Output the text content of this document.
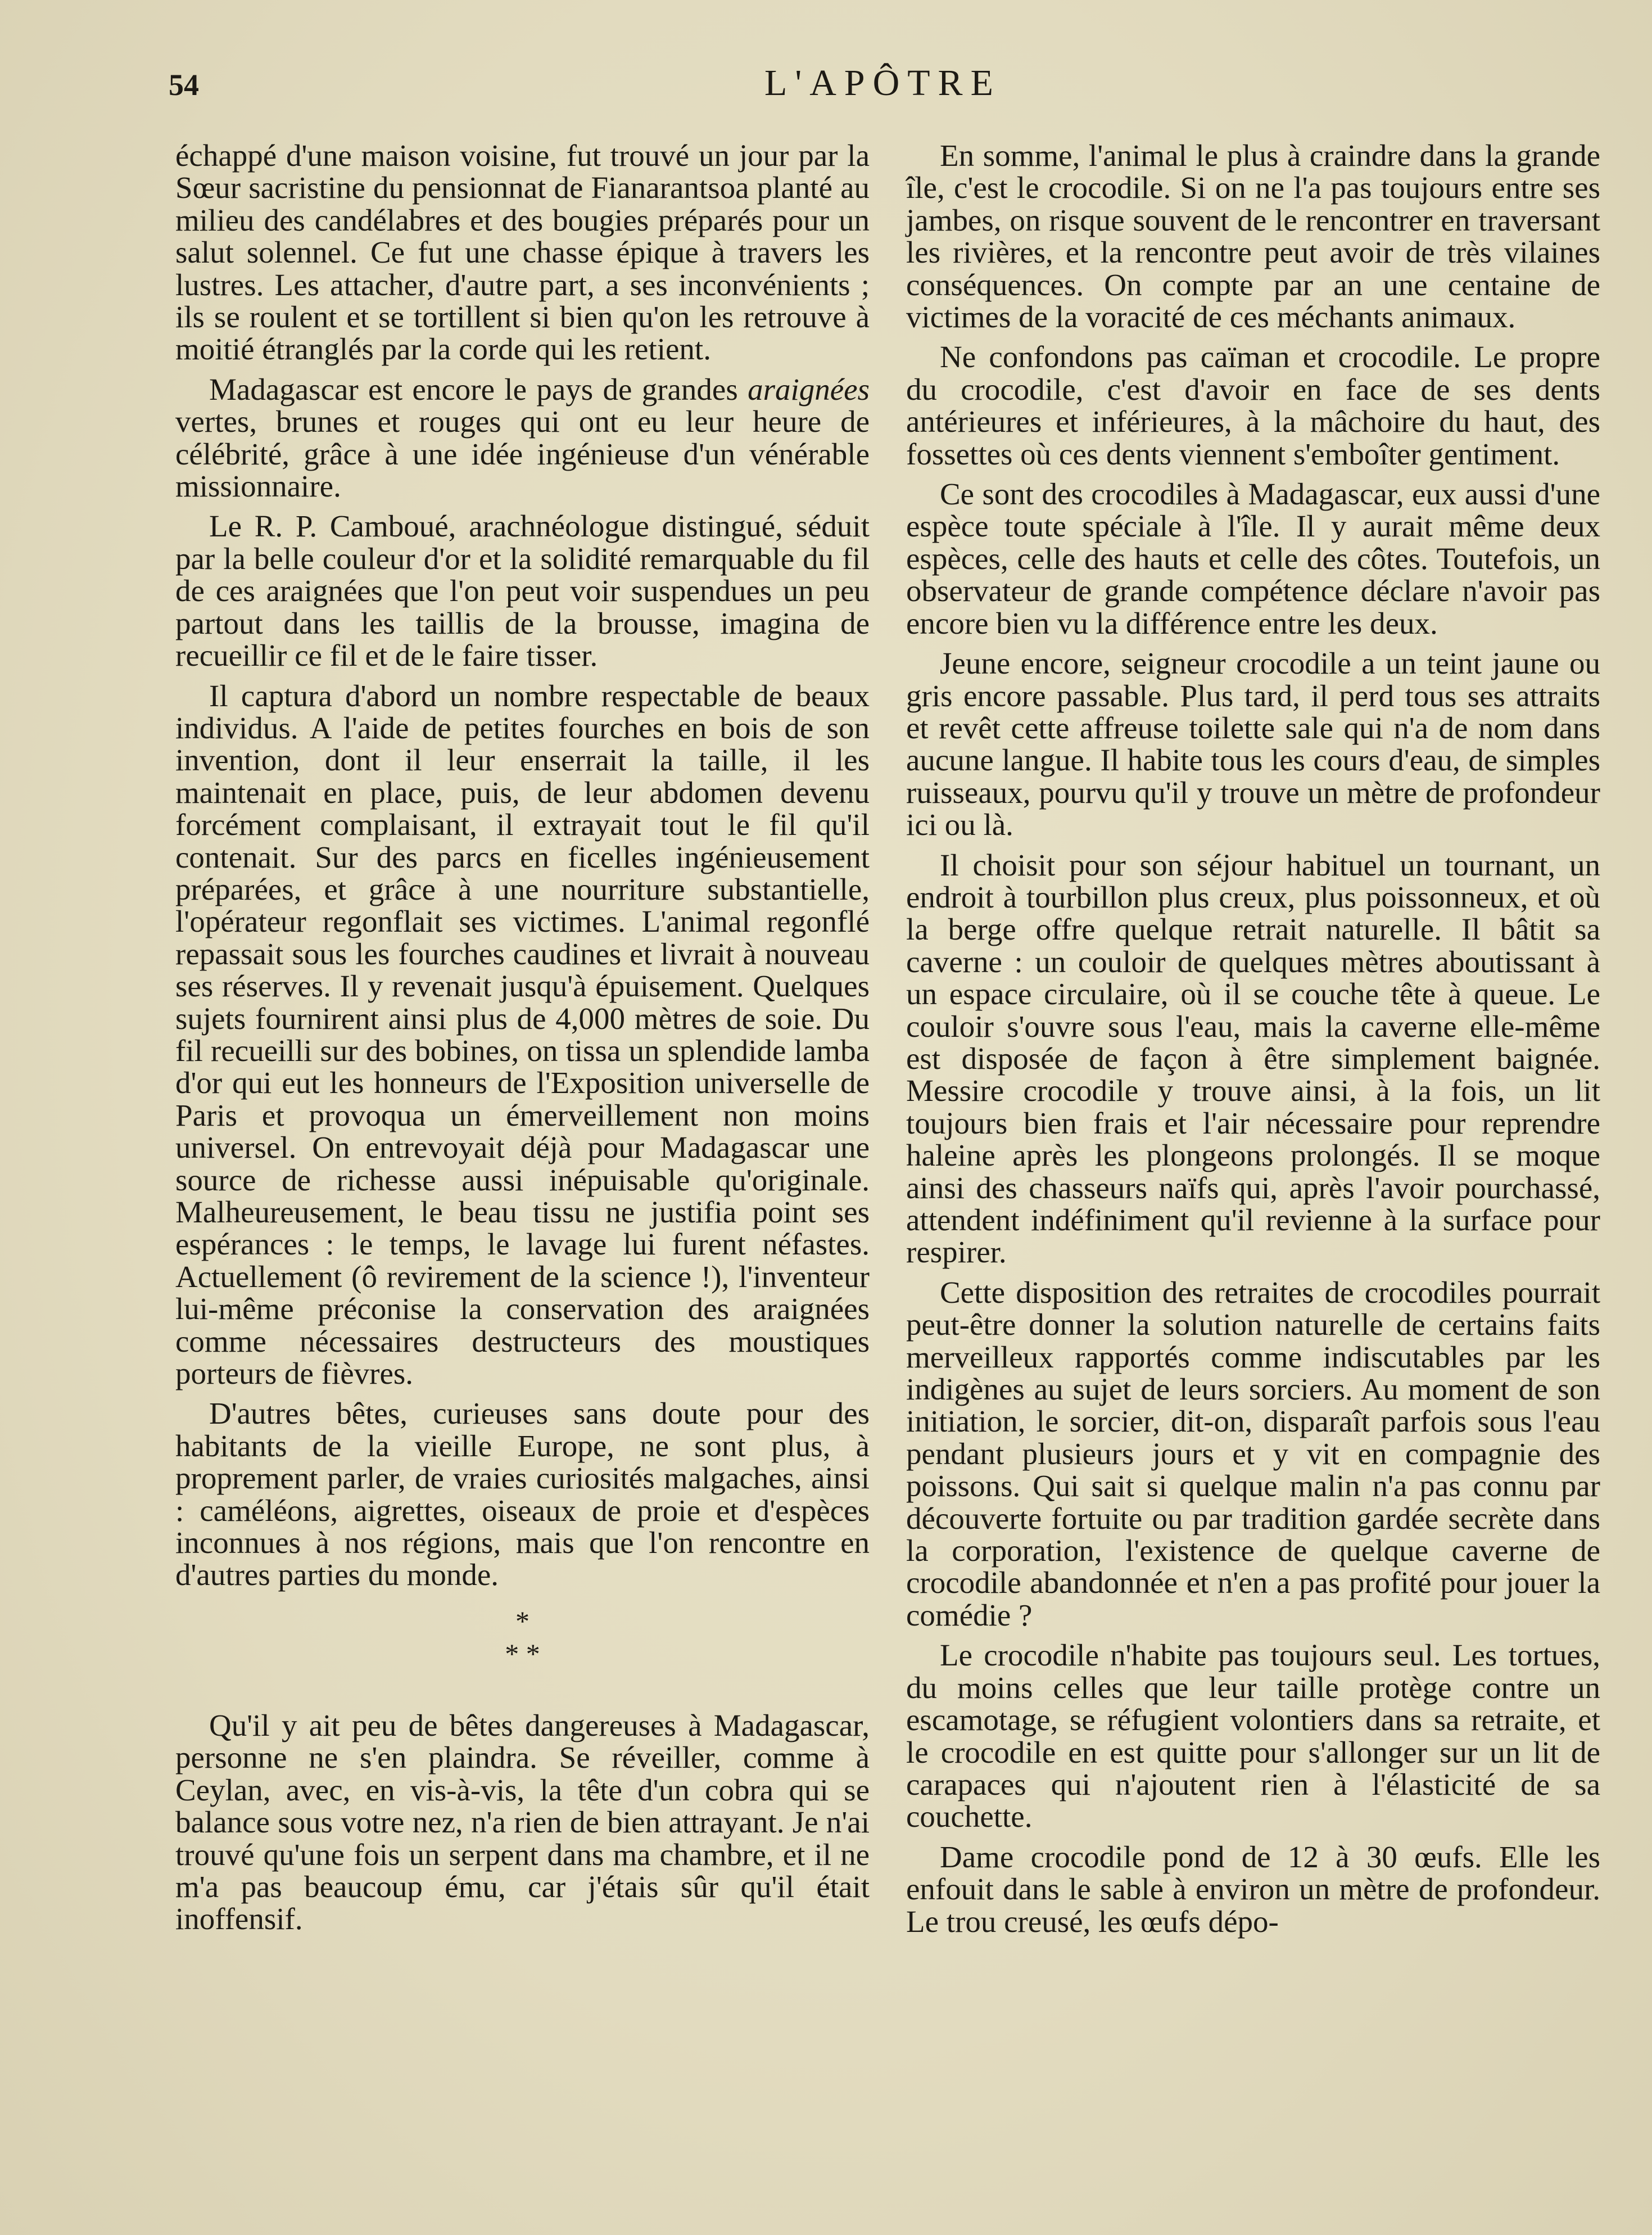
54	L'APÔTRE

échappé d'une maison voisine, fut trouvé un jour par la Sœur sacristine du pensionnat de Fianarantsoa planté au milieu des candélabres et des bougies préparés pour un salut solennel. Ce fut une chasse épique à travers les lustres. Les attacher, d'autre part, a ses inconvénients ; ils se roulent et se tortillent si bien qu'on les retrouve à moitié étranglés par la corde qui les retient.

Madagascar est encore le pays de grandes araignées vertes, brunes et rouges qui ont eu leur heure de célébrité, grâce à une idée ingénieuse d'un vénérable missionnaire.

Le R. P. Camboué, arachnéologue distingué, séduit par la belle couleur d'or et la solidité remarquable du fil de ces araignées que l'on peut voir suspendues un peu partout dans les taillis de la brousse, imagina de recueillir ce fil et de le faire tisser.

Il captura d'abord un nombre respectable de beaux individus. A l'aide de petites fourches en bois de son invention, dont il leur enserrait la taille, il les maintenait en place, puis, de leur abdomen devenu forcément complaisant, il extrayait tout le fil qu'il contenait. Sur des parcs en ficelles ingénieusement préparées, et grâce à une nourriture substantielle, l'opérateur regonflait ses victimes. L'animal regonflé repassait sous les fourches caudines et livrait à nouveau ses réserves. Il y revenait jusqu'à épuisement. Quelques sujets fournirent ainsi plus de 4,000 mètres de soie. Du fil recueilli sur des bobines, on tissa un splendide lamba d'or qui eut les honneurs de l'Exposition universelle de Paris et provoqua un émerveillement non moins universel. On entrevoyait déjà pour Madagascar une source de richesse aussi inépuisable qu'originale. Malheureusement, le beau tissu ne justifia point ses espérances : le temps, le lavage lui furent néfastes. Actuellement (ô revirement de la science !), l'inventeur lui-même préconise la conservation des araignées comme nécessaires destructeurs des moustiques porteurs de fièvres.

D'autres bêtes, curieuses sans doute pour des habitants de la vieille Europe, ne sont plus, à proprement parler, de vraies curiosités malgaches, ainsi : caméléons, aigrettes, oiseaux de proie et d'espèces inconnues à nos régions, mais que l'on rencontre en d'autres parties du monde.

*
* *

Qu'il y ait peu de bêtes dangereuses à Madagascar, personne ne s'en plaindra. Se réveiller, comme à Ceylan, avec, en vis-à-vis, la tête d'un cobra qui se balance sous votre nez, n'a rien de bien attrayant. Je n'ai trouvé qu'une fois un serpent dans ma chambre, et il ne m'a pas beaucoup ému, car j'étais sûr qu'il était inoffensif.

En somme, l'animal le plus à craindre dans la grande île, c'est le crocodile. Si on ne l'a pas toujours entre ses jambes, on risque souvent de le rencontrer en traversant les rivières, et la rencontre peut avoir de très vilaines conséquences. On compte par an une centaine de victimes de la voracité de ces méchants animaux.

Ne confondons pas caïman et crocodile. Le propre du crocodile, c'est d'avoir en face de ses dents antérieures et inférieures, à la mâchoire du haut, des fossettes où ces dents viennent s'emboîter gentiment.

Ce sont des crocodiles à Madagascar, eux aussi d'une espèce toute spéciale à l'île. Il y aurait même deux espèces, celle des hauts et celle des côtes. Toutefois, un observateur de grande compétence déclare n'avoir pas encore bien vu la différence entre les deux.

Jeune encore, seigneur crocodile a un teint jaune ou gris encore passable. Plus tard, il perd tous ses attraits et revêt cette affreuse toilette sale qui n'a de nom dans aucune langue. Il habite tous les cours d'eau, de simples ruisseaux, pourvu qu'il y trouve un mètre de profondeur ici ou là.

Il choisit pour son séjour habituel un tournant, un endroit à tourbillon plus creux, plus poissonneux, et où la berge offre quelque retrait naturelle. Il bâtit sa caverne : un couloir de quelques mètres aboutissant à un espace circulaire, où il se couche tête à queue. Le couloir s'ouvre sous l'eau, mais la caverne elle-même est disposée de façon à être simplement baignée. Messire crocodile y trouve ainsi, à la fois, un lit toujours bien frais et l'air nécessaire pour reprendre haleine après les plongeons prolongés. Il se moque ainsi des chasseurs naïfs qui, après l'avoir pourchassé, attendent indéfiniment qu'il revienne à la surface pour respirer.

Cette disposition des retraites de crocodiles pourrait peut-être donner la solution naturelle de certains faits merveilleux rapportés comme indiscutables par les indigènes au sujet de leurs sorciers. Au moment de son initiation, le sorcier, dit-on, disparaît parfois sous l'eau pendant plusieurs jours et y vit en compagnie des poissons. Qui sait si quelque malin n'a pas connu par découverte fortuite ou par tradition gardée secrète dans la corporation, l'existence de quelque caverne de crocodile abandonnée et n'en a pas profité pour jouer la comédie ?

Le crocodile n'habite pas toujours seul. Les tortues, du moins celles que leur taille protège contre un escamotage, se réfugient volontiers dans sa retraite, et le crocodile en est quitte pour s'allonger sur un lit de carapaces qui n'ajoutent rien à l'élasticité de sa couchette.

Dame crocodile pond de 12 à 30 œufs. Elle les enfouit dans le sable à environ un mètre de profondeur. Le trou creusé, les œufs dépo-
